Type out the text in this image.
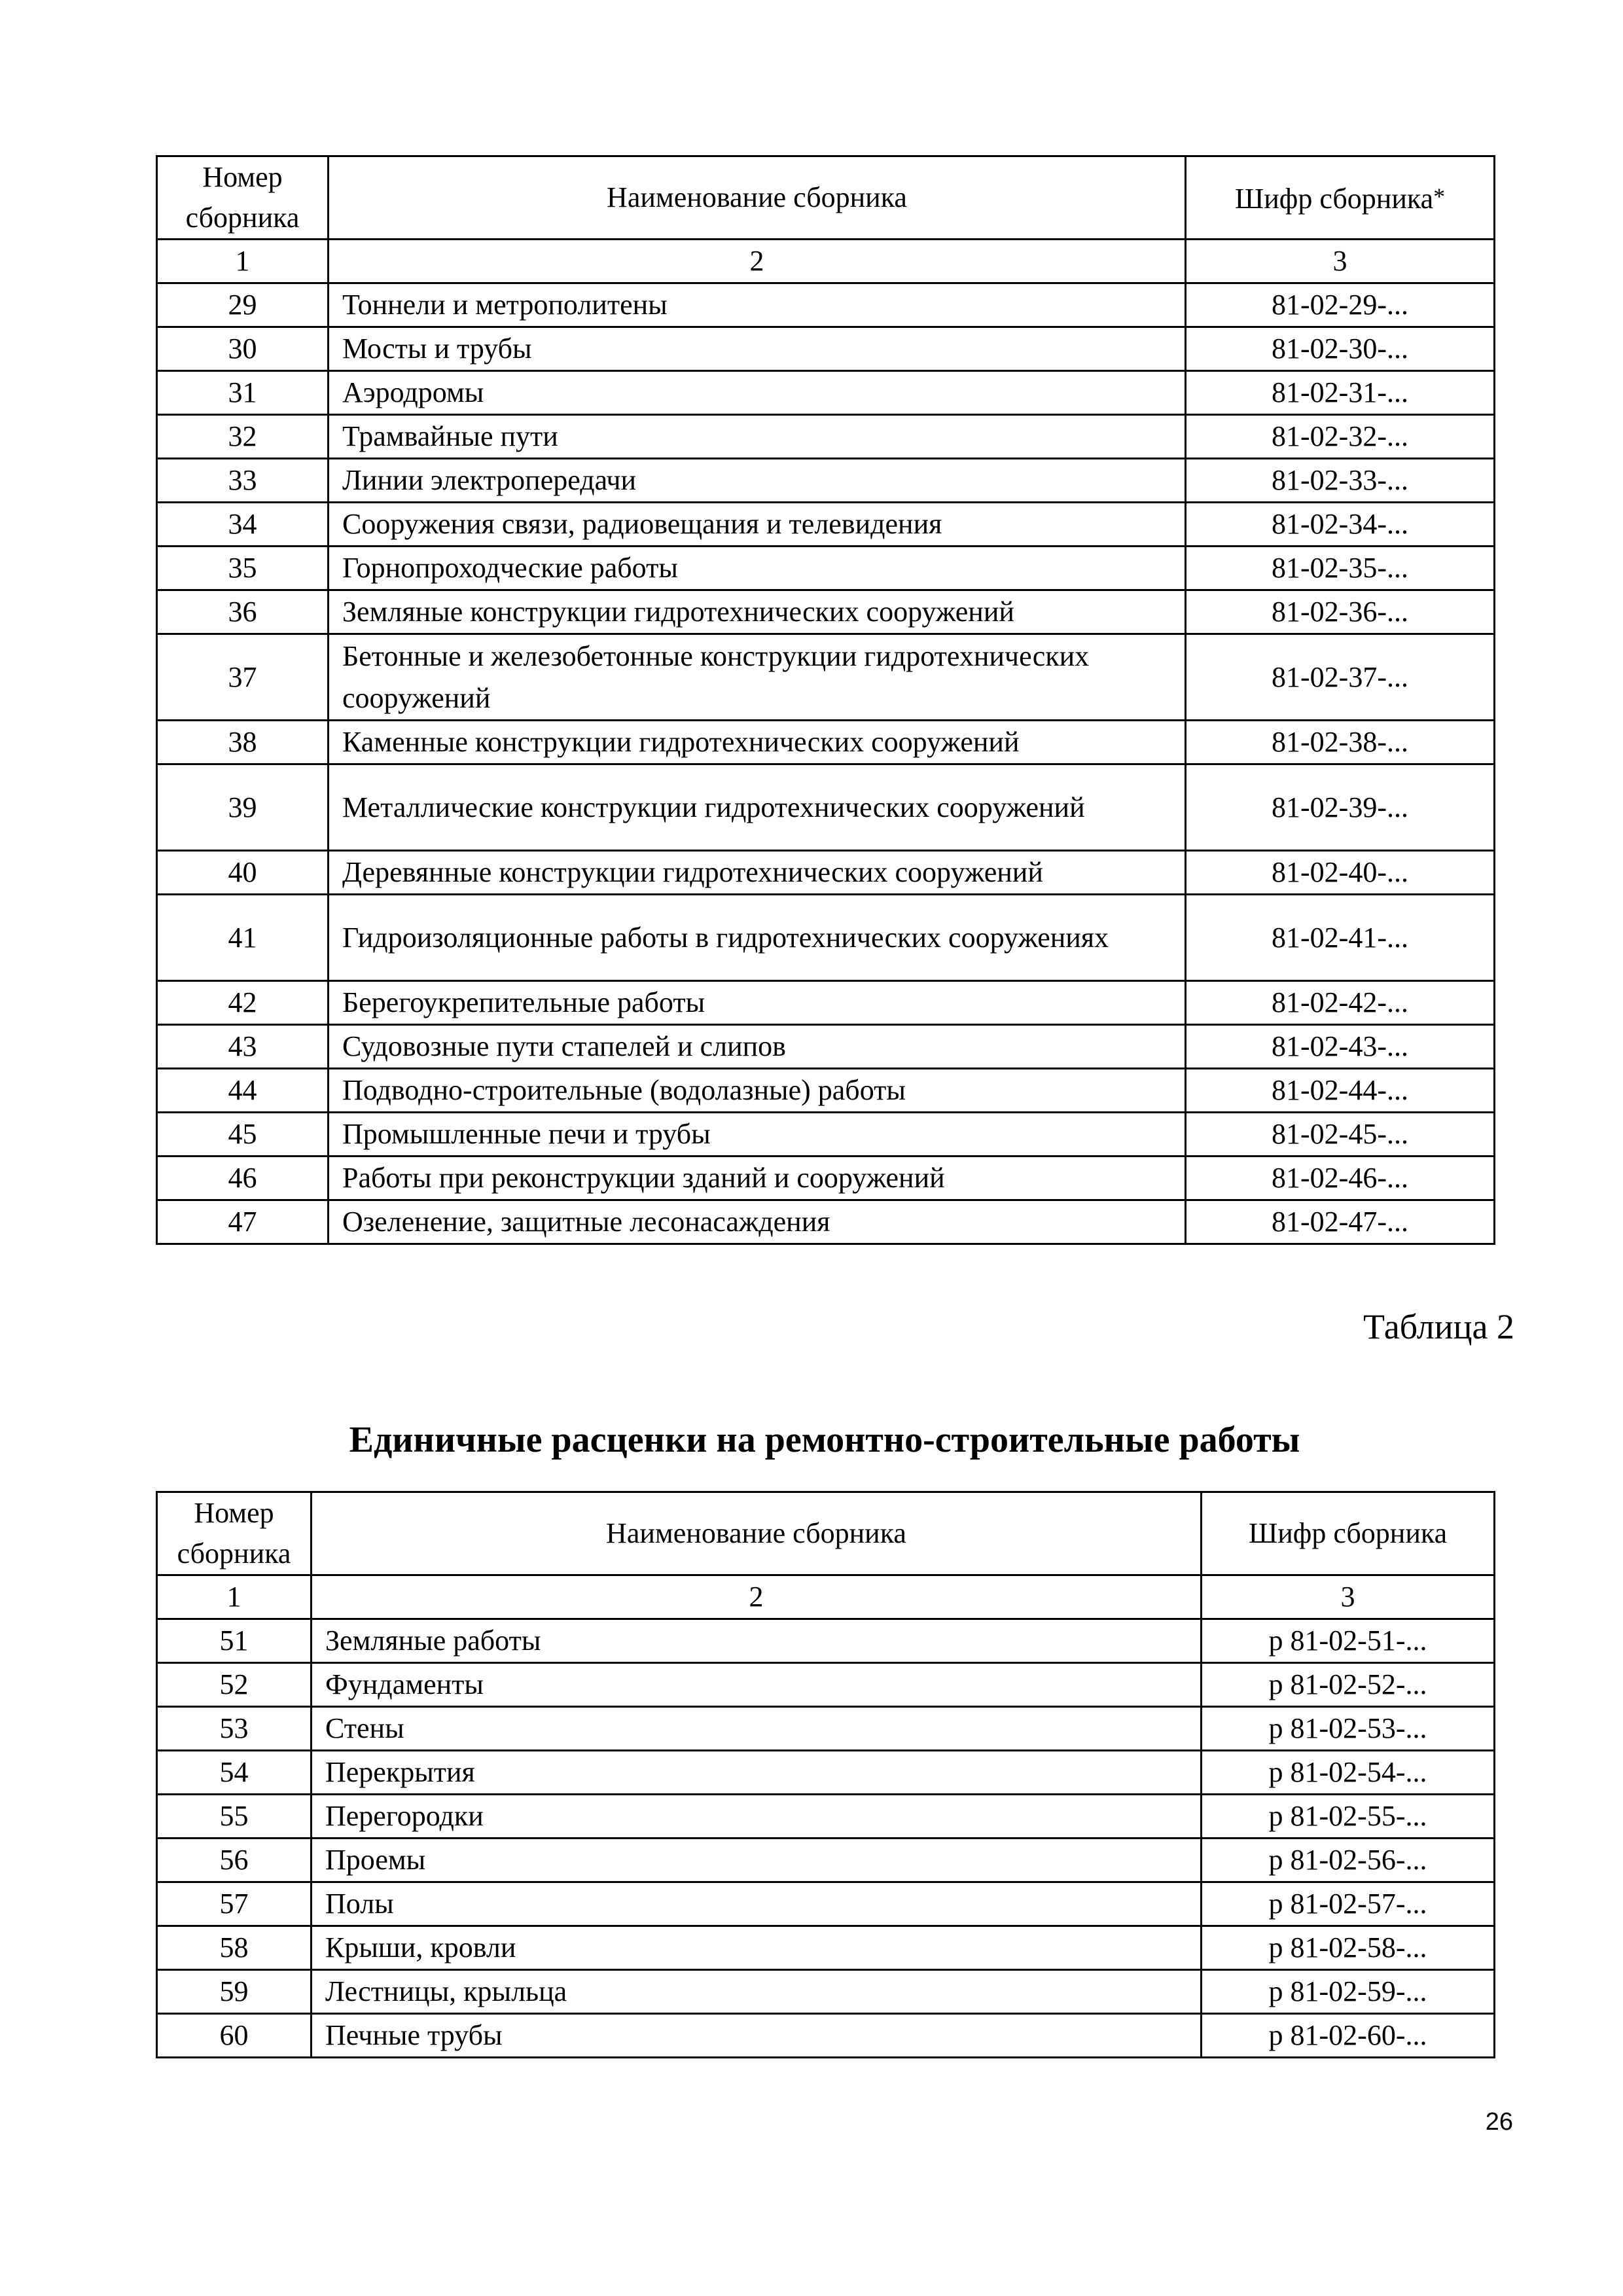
Номер сборника	Наименование сборника	Шифр сборника*
1	2	3
29	Тоннели и метрополитены	81-02-29-...
30	Мосты и трубы	81-02-30-...
31	Аэродромы	81-02-31-...
32	Трамвайные пути	81-02-32-...
33	Линии электропередачи	81-02-33-...
34	Сооружения связи, радиовещания и телевидения	81-02-34-...
35	Горнопроходческие работы	81-02-35-...
36	Земляные конструкции гидротехнических сооружений	81-02-36-...
37	Бетонные и железобетонные конструкции гидротехнических сооружений	81-02-37-...
38	Каменные конструкции гидротехнических сооружений	81-02-38-...
39	Металлические конструкции гидротехнических сооружений	81-02-39-...
40	Деревянные конструкции гидротехнических сооружений	81-02-40-...
41	Гидроизоляционные работы в гидротехнических сооружениях	81-02-41-...
42	Берегоукрепительные работы	81-02-42-...
43	Судовозные пути стапелей и слипов	81-02-43-...
44	Подводно-строительные (водолазные) работы	81-02-44-...
45	Промышленные печи и трубы	81-02-45-...
46	Работы при реконструкции зданий и сооружений	81-02-46-...
47	Озеленение, защитные лесонасаждения	81-02-47-...
Таблица 2
Единичные расценки на ремонтно-строительные работы
Номер сборника	Наименование сборника	Шифр сборника
1	2	3
51	Земляные работы	р 81-02-51-...
52	Фундаменты	р 81-02-52-...
53	Стены	р 81-02-53-...
54	Перекрытия	р 81-02-54-...
55	Перегородки	р 81-02-55-...
56	Проемы	р 81-02-56-...
57	Полы	р 81-02-57-...
58	Крыши, кровли	р 81-02-58-...
59	Лестницы, крыльца	р 81-02-59-...
60	Печные трубы	р 81-02-60-...
26
